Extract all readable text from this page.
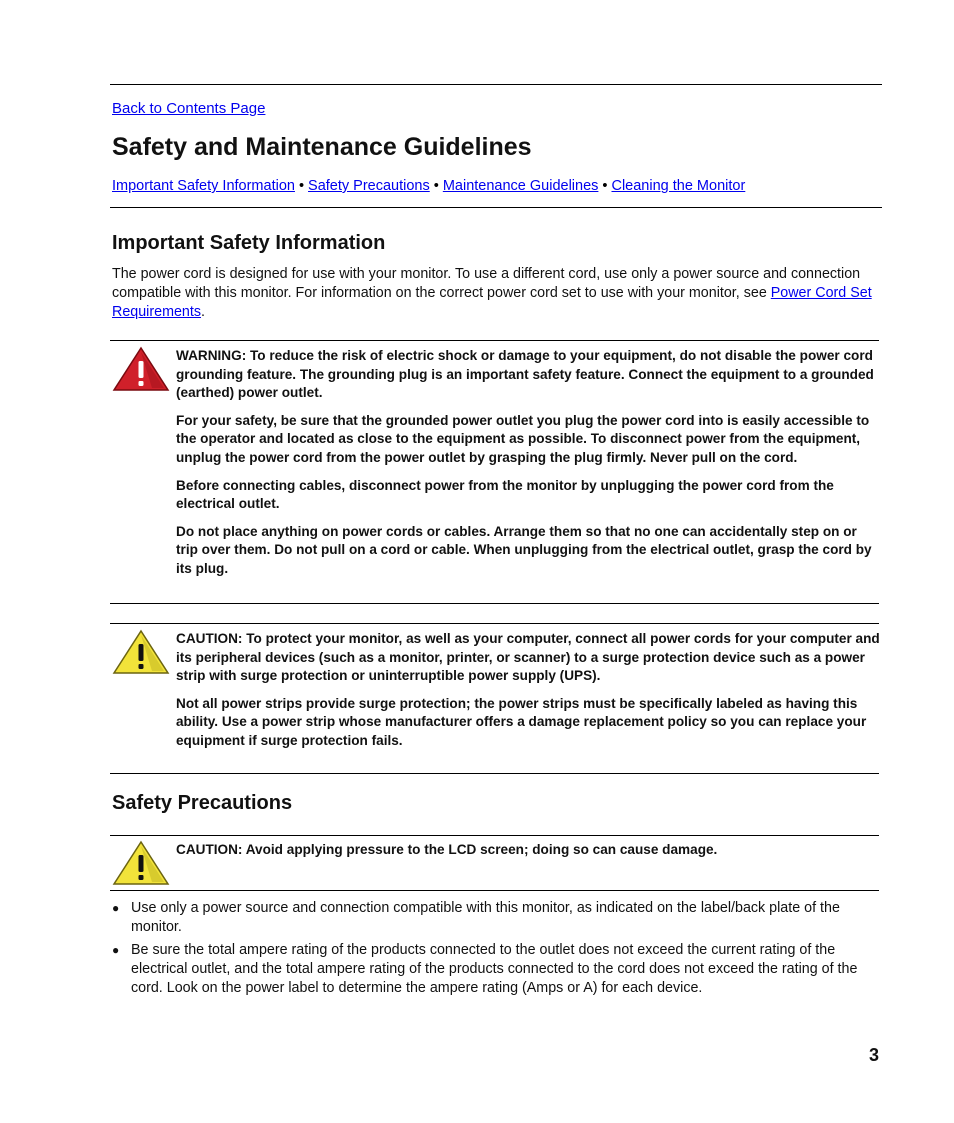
Back to Contents Page
Safety and Maintenance Guidelines
Important Safety Information • Safety Precautions • Maintenance Guidelines • Cleaning the Monitor
Important Safety Information

The power cord is designed for use with your monitor. To use a different cord, use only a power source and connection compatible with this monitor. For information on the correct power cord set to use with your monitor, see Power Cord Set Requirements.

WARNING: To reduce the risk of electric shock or damage to your equipment, do not disable the power cord grounding feature. The grounding plug is an important safety feature. Connect the equipment to a grounded (earthed) power outlet.

For your safety, be sure that the grounded power outlet you plug the power cord into is easily accessible to the operator and located as close to the equipment as possible. To disconnect power from the equipment, unplug the power cord from the power outlet by grasping the plug firmly. Never pull on the cord.

Before connecting cables, disconnect power from the monitor by unplugging the power cord from the electrical outlet.

Do not place anything on power cords or cables. Arrange them so that no one can accidentally step on or trip over them. Do not pull on a cord or cable. When unplugging from the electrical outlet, grasp the cord by its plug.

CAUTION: To protect your monitor, as well as your computer, connect all power cords for your computer and its peripheral devices (such as a monitor, printer, or scanner) to a surge protection device such as a power strip with surge protection or uninterruptible power supply (UPS).

Not all power strips provide surge protection; the power strips must be specifically labeled as having this ability. Use a power strip whose manufacturer offers a damage replacement policy so you can replace your equipment if surge protection fails.

Safety Precautions

CAUTION: Avoid applying pressure to the LCD screen; doing so can cause damage.

● Use only a power source and connection compatible with this monitor, as indicated on the label/back plate of the monitor.
● Be sure the total ampere rating of the products connected to the outlet does not exceed the current rating of the electrical outlet, and the total ampere rating of the products connected to the cord does not exceed the rating of the cord. Look on the power label to determine the ampere rating (Amps or A) for each device.
3
